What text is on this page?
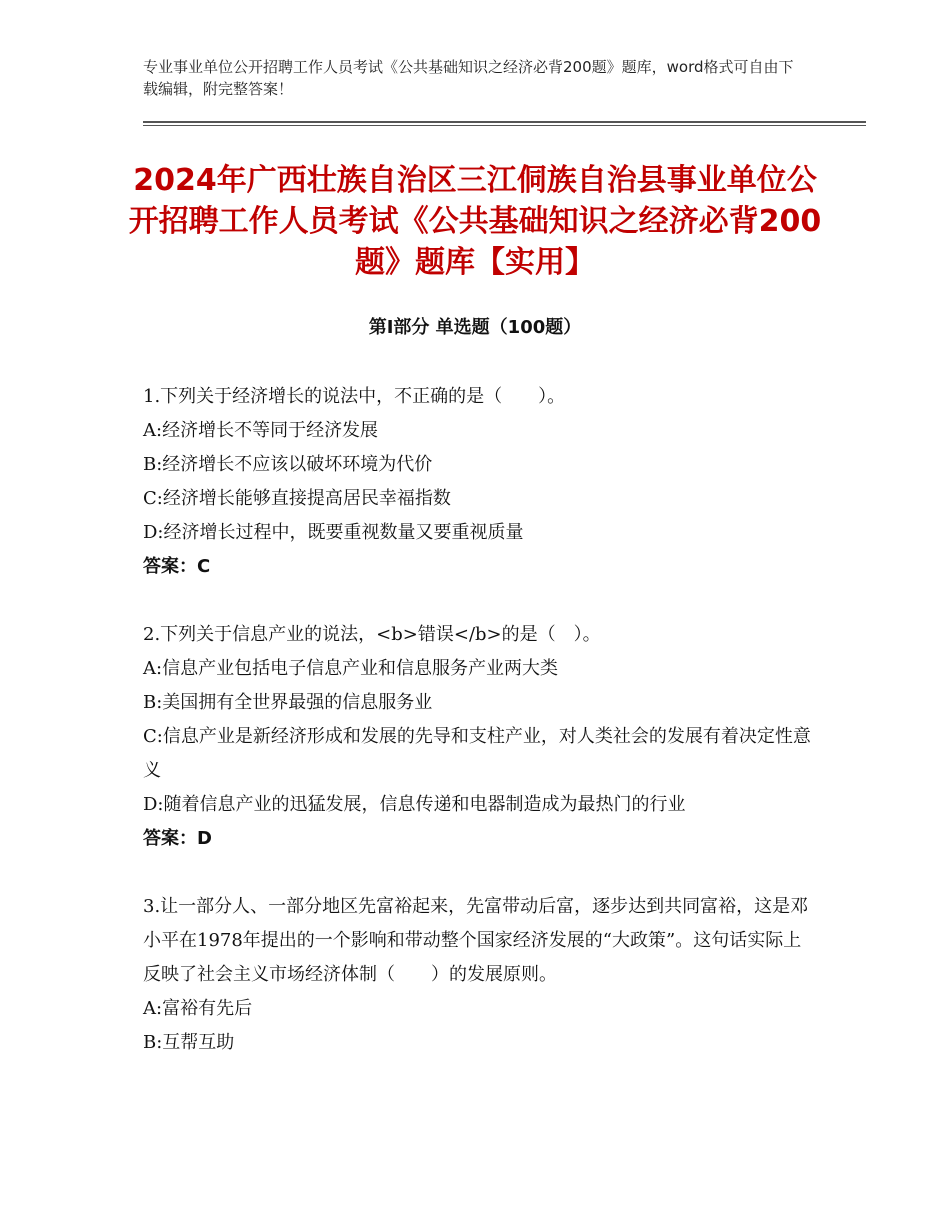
专业事业单位公开招聘工作人员考试《公共基础知识之经济必背200题》题库，word格式可自由下载编辑，附完整答案！
2024年广西壮族自治区三江侗族自治县事业单位公开招聘工作人员考试《公共基础知识之经济必背200题》题库【实用】
第Ⅰ部分 单选题（100题）
1.下列关于经济增长的说法中，不正确的是（　　）。
A:经济增长不等同于经济发展
B:经济增长不应该以破坏环境为代价
C:经济增长能够直接提高居民幸福指数
D:经济增长过程中，既要重视数量又要重视质量
答案：C
2.下列关于信息产业的说法，<b>错误</b>的是（　）。
A:信息产业包括电子信息产业和信息服务产业两大类
B:美国拥有全世界最强的信息服务业
C:信息产业是新经济形成和发展的先导和支柱产业，对人类社会的发展有着决定性意义
D:随着信息产业的迅猛发展，信息传递和电器制造成为最热门的行业
答案：D
3.让一部分人、一部分地区先富裕起来，先富带动后富，逐步达到共同富裕，这是邓小平在1978年提出的一个影响和带动整个国家经济发展的“大政策”。这句话实际上反映了社会主义市场经济体制（　　）的发展原则。
A:富裕有先后
B:互帮互助
